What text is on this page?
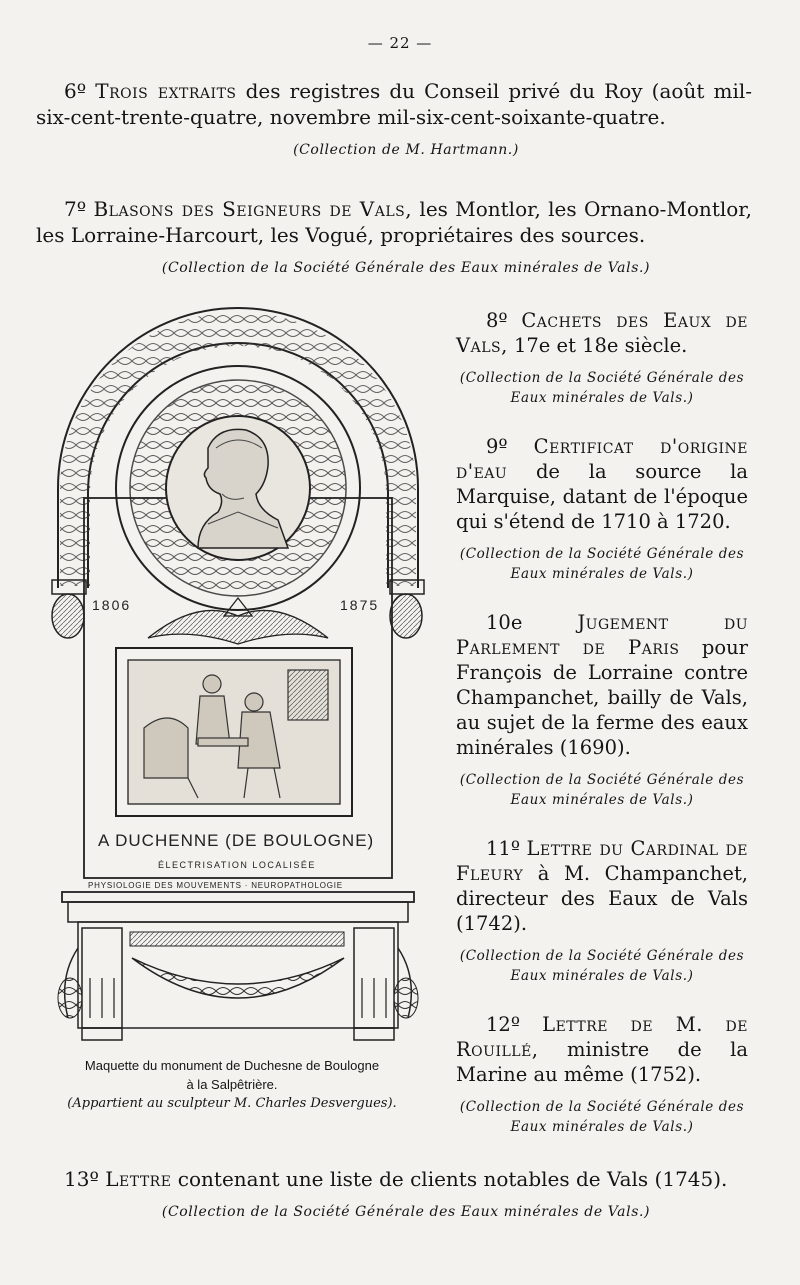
— 22 —
6º Trois extraits des registres du Conseil privé du Roy (août mil-six-cent-trente-quatre, novembre mil-six-cent-soixante-quatre.
(Collection de M. Hartmann.)
7º Blasons des Seigneurs de Vals, les Montlor, les Ornano-Montlor, les Lorraine-Harcourt, les Vogué, propriétaires des sources.
(Collection de la Société Générale des Eaux minérales de Vals.)
1806	1875
A DUCHENNE (DE BOULOGNE)
ÉLECTRISATION LOCALISÉE
PHYSIOLOGIE DES MOUVEMENTS · NEUROPATHOLOGIE
Maquette du monument de Duchesne de Boulogne
à la Salpêtrière.
(Appartient au sculpteur M. Charles Desvergues).

8º Cachets des Eaux de Vals, 17e et 18e siècle.

(Collection de la Société Générale des Eaux minérales de Vals.)

9º Certificat d'origine d'eau de la source la Marquise, datant de l'époque qui s'étend de 1710 à 1720.

(Collection de la Société Générale des Eaux minérales de Vals.)

10e	Jugement du Parlement de Paris pour François de Lorraine contre Champanchet, bailly de Vals, au sujet de la ferme des eaux minérales (1690).

(Collection de la Société Générale des Eaux minérales de Vals.)

11º Lettre du Cardinal de Fleury à M. Champanchet, directeur des Eaux de Vals (1742).

(Collection de la Société Générale des Eaux minérales de Vals.)

12º Lettre de M. de Rouillé, ministre de la Marine au même (1752).

(Collection de la Société Générale des Eaux minérales de Vals.)

13º Lettre contenant une liste de clients notables de Vals (1745).
(Collection de la Société Générale des Eaux minérales de Vals.)
